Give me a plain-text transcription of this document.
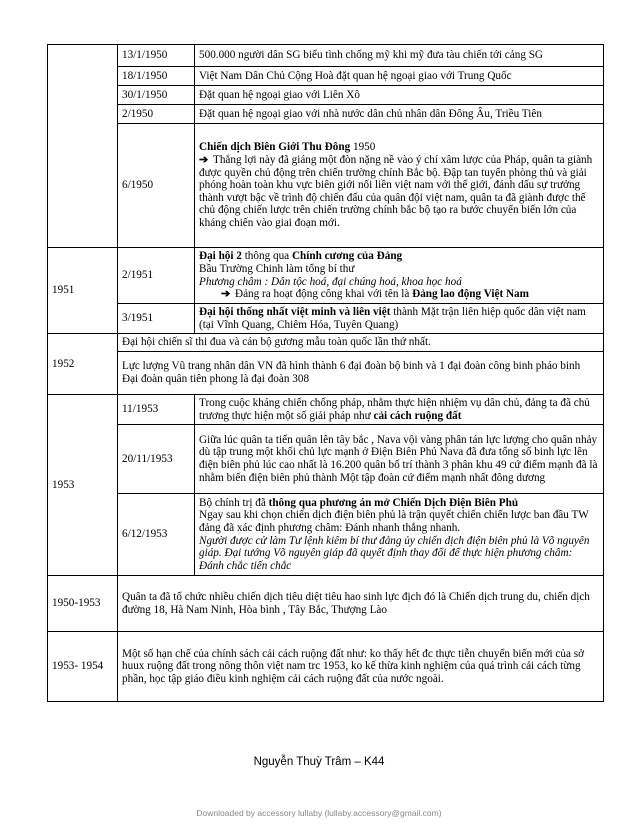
	13/1/1950	500.000 người dân SG biểu tình chống mỹ khi mỹ đưa tàu chiến tới cảng SG
	18/1/1950	Việt Nam Dân Chủ Cộng Hoà đặt quan hệ ngoại giao với Trung Quốc
	30/1/1950	Đặt quan hệ ngoại giao với Liên Xô
	2/1950	Đặt quan hệ ngoại giao với nhà nước dân chủ nhân dân Đông Âu, Triều Tiên
	6/1950	Chiến dịch Biên Giới Thu Đông 1950
➔ Thắng lợi này đã giáng một đòn nặng nề vào ý chí xâm lược của Pháp, quân ta giành được quyền chủ động trên chiến trường chính Bắc bộ. Đập tan tuyến phòng thủ và giải phóng hoàn toàn khu vực biên giới nối liền việt nam với thế giới, đánh dấu sự trưởng thành vượt bậc về trình độ chiến đấu của quân đội việt nam, quân ta đã giành được thế chủ động chiến lược trên chiến trường chính bắc bộ tạo ra bước chuyển biến lớn của kháng chiến vào giai đoạn mới.
1951	2/1951	Đại hội 2 thông qua Chính cương của Đảng
Bầu Trường Chinh làm tổng bí thư
Phương châm : Dân tộc hoá, đại chúng hoá, khoa học hoá
➔ Đảng ra hoạt động công khai với tên là Đảng lao động Việt Nam
	3/1951	Đại hội thống nhất việt minh và liên việt thành Mặt trận liên hiệp quốc dân việt nam (tại Vĩnh Quang, Chiêm Hóa, Tuyên Quang)
1952	Đại hội chiến sĩ thi đua và cán bộ gương mẫu toàn quốc lần thứ nhất.	
	Lực lượng Vũ trang nhân dân VN đã hình thành 6 đại đoàn bộ binh và 1 đại đoàn công binh pháo binh
Đại đoàn quân tiên phong là đại đoàn 308	
1953	11/1953	Trong cuộc kháng chiến chống pháp, nhằm thực hiện nhiệm vụ dân chủ, đảng ta đã chủ trương thực hiện một số giải pháp như cải cách ruộng đất
	20/11/1953	Giữa lúc quân ta tiến quân lên tây bắc , Nava vội vàng phân tán lực lượng cho quân nhảy dù tập trung một khối chủ lực mạnh ở Điện Biên Phủ Nava đã đưa tổng số binh lực lên điện biên phủ lúc cao nhất là 16.200 quân bố trí thành 3 phân khu 49 cứ điểm mạnh đã là nhằm biến điện biên phủ thành Một tập đoàn cứ điểm mạnh nhất đông dương
	6/12/1953	Bộ chính trị đã thông qua phương án mở Chiến Dịch Điện Biên Phủ
Ngay sau khi chọn chiến dịch điện biên phủ là trận quyết chiến chiến lược ban đầu TW đảng đã xác định phương châm: Đánh nhanh thắng nhanh.
Người được cử làm Tư lệnh kiêm bí thư đảng ủy chiến dịch điện biên phủ là Võ nguyên giáp. Đại tướng Võ nguyên giáp đã quyết định thay đổi để thực hiện phương châm: Đánh chắc tiến chắc
1950-1953	Quân ta đã tổ chức nhiều chiến dịch tiêu diệt tiêu hao sinh lực địch đó là Chiến dịch trung du, chiến dịch đường 18, Hà Nam Ninh, Hòa bình , Tây Bắc, Thượng Lào	
1953- 1954	Một số hạn chế của chính sách cải cách ruộng đất như: ko thấy hết đc thực tiễn chuyển biến mới của sở huux ruộng đất trong nông thôn việt nam trc 1953, ko kế thừa kinh nghiệm của quá trình cải cách từng phần, học tập giáo điều kinh nghiệm cải cách ruộng đất của nước ngoài.	
Nguyễn Thuỳ Trâm – K44
Downloaded by accessory lullaby (lullaby.accessory@gmail.com)
